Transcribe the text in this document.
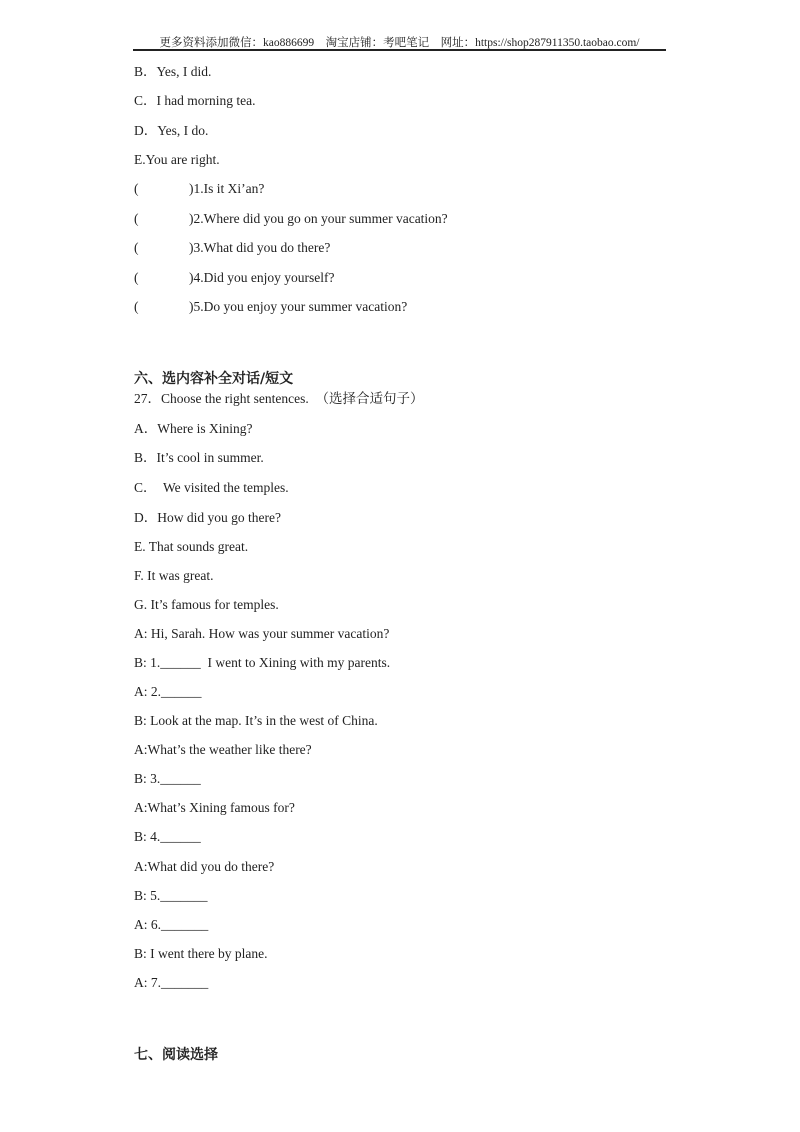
更多资料添加微信：kao886699　淘宝店铺：考吧笔记　网址：https://shop287911350.taobao.com/
B．Yes, I did.
C．I had morning tea.
D．Yes, I do.
E.You are right.
(	)1.Is it Xi’an?
(	)2.Where did you go on your summer vacation?
(	)3.What did you do there?
(	)4.Did you enjoy yourself?
(	)5.Do you enjoy your summer vacation?
六、选内容补全对话/短文
27．Choose the right sentences.  （选择合适句子）
A．Where is Xining?
B．It’s cool in summer.
C．  We visited the temples.
D．How did you go there?
E. That sounds great.
F. It was great.
G. It’s famous for temples.
A: Hi, Sarah. How was your summer vacation?
B: 1.______  I went to Xining with my parents.
A: 2.______
B: Look at the map. It’s in the west of China.
A:What’s the weather like there?
B: 3.______
A:What’s Xining famous for?
B: 4.______
A:What did you do there?
B: 5._______
A: 6._______
B: I went there by plane.
A: 7._______
七、阅读选择
